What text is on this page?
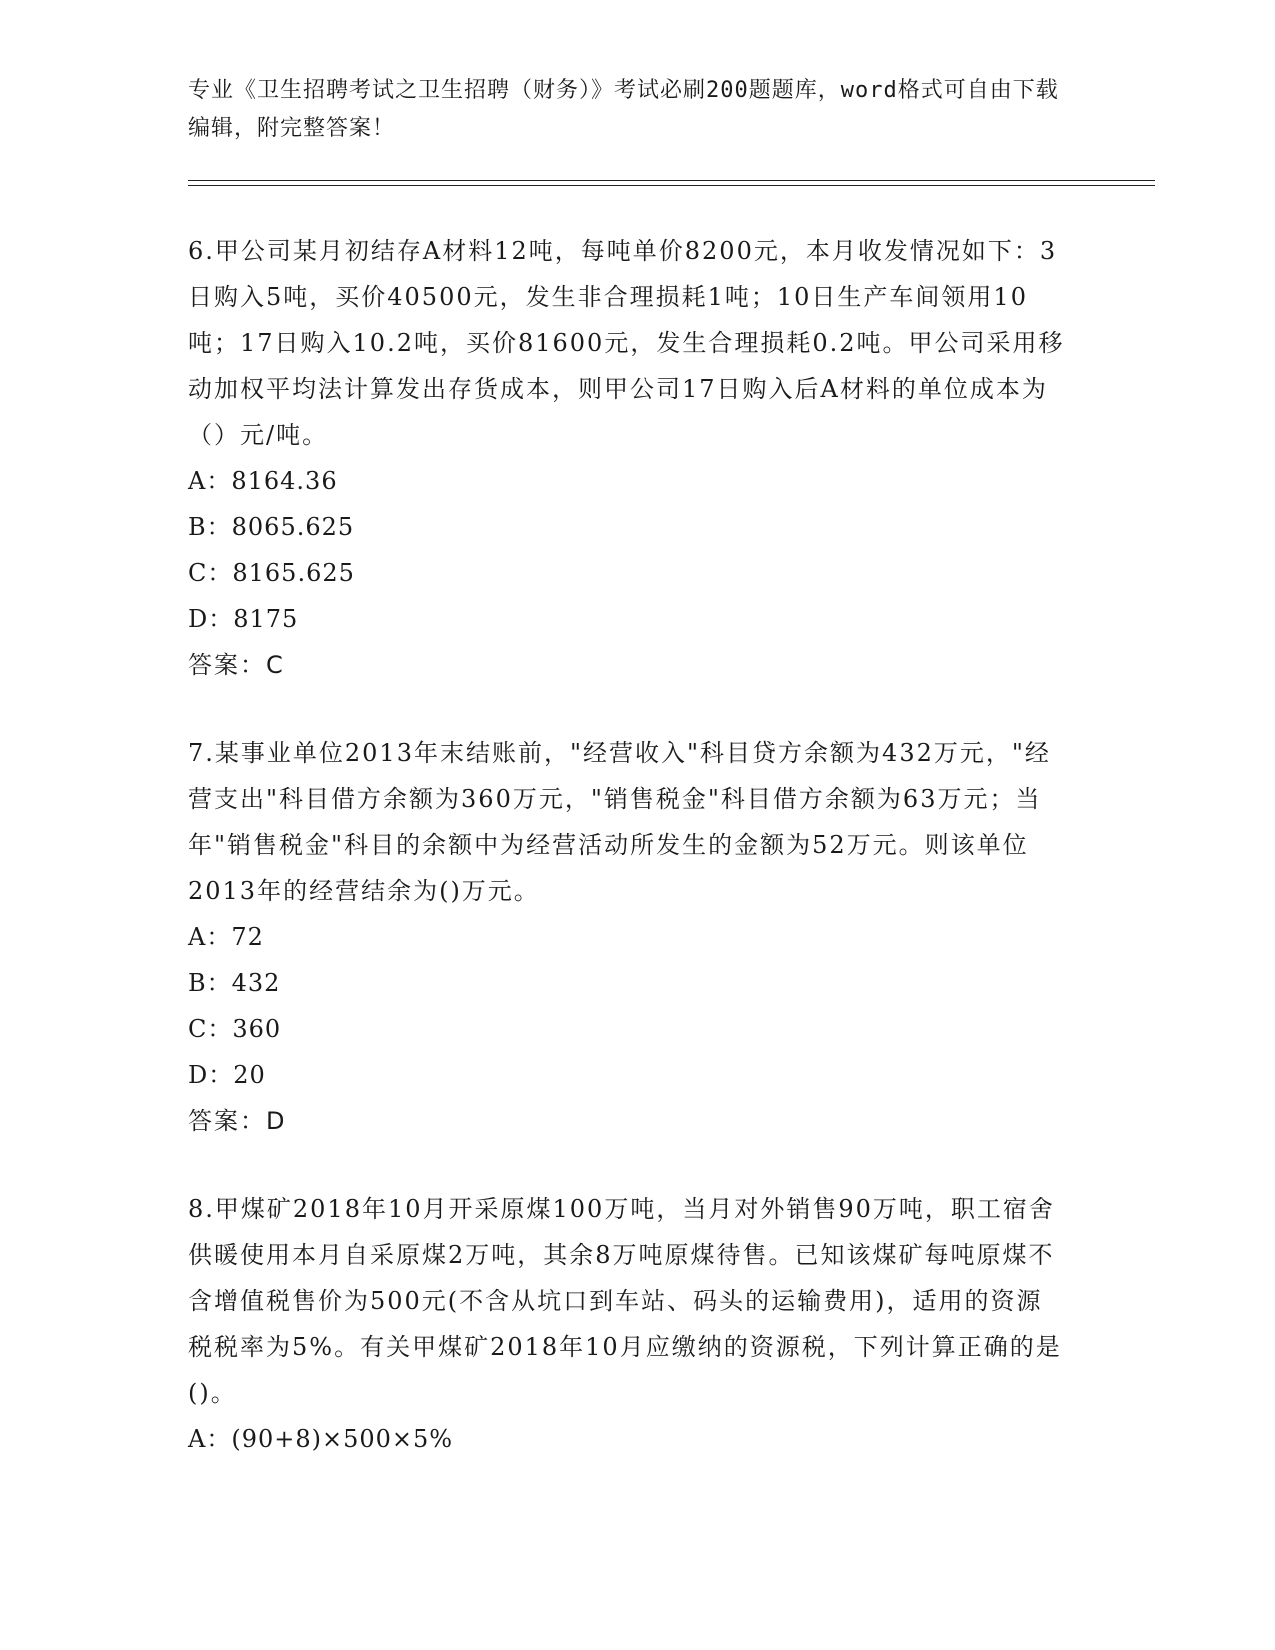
专业《卫生招聘考试之卫生招聘（财务）》考试必刷200题题库，word格式可自由下载编辑，附完整答案！

6.甲公司某月初结存A材料12吨，每吨单价8200元，本月收发情况如下：3日购入5吨，买价40500元，发生非合理损耗1吨；10日生产车间领用10吨；17日购入10.2吨，买价81600元，发生合理损耗0.2吨。甲公司采用移动加权平均法计算发出存货成本，则甲公司17日购入后A材料的单位成本为（）元/吨。

A：8164.36

B：8065.625

C：8165.625

D：8175

答案：C

7.某事业单位2013年末结账前，"经营收入"科目贷方余额为432万元，"经营支出"科目借方余额为360万元，"销售税金"科目借方余额为63万元；当年"销售税金"科目的余额中为经营活动所发生的金额为52万元。则该单位2013年的经营结余为()万元。

A：72

B：432

C：360

D：20

答案：D

8.甲煤矿2018年10月开采原煤100万吨，当月对外销售90万吨，职工宿舍供暖使用本月自采原煤2万吨，其余8万吨原煤待售。已知该煤矿每吨原煤不含增值税售价为500元(不含从坑口到车站、码头的运输费用)，适用的资源税税率为5%。有关甲煤矿2018年10月应缴纳的资源税，下列计算正确的是()。

A：(90+8)×500×5%
